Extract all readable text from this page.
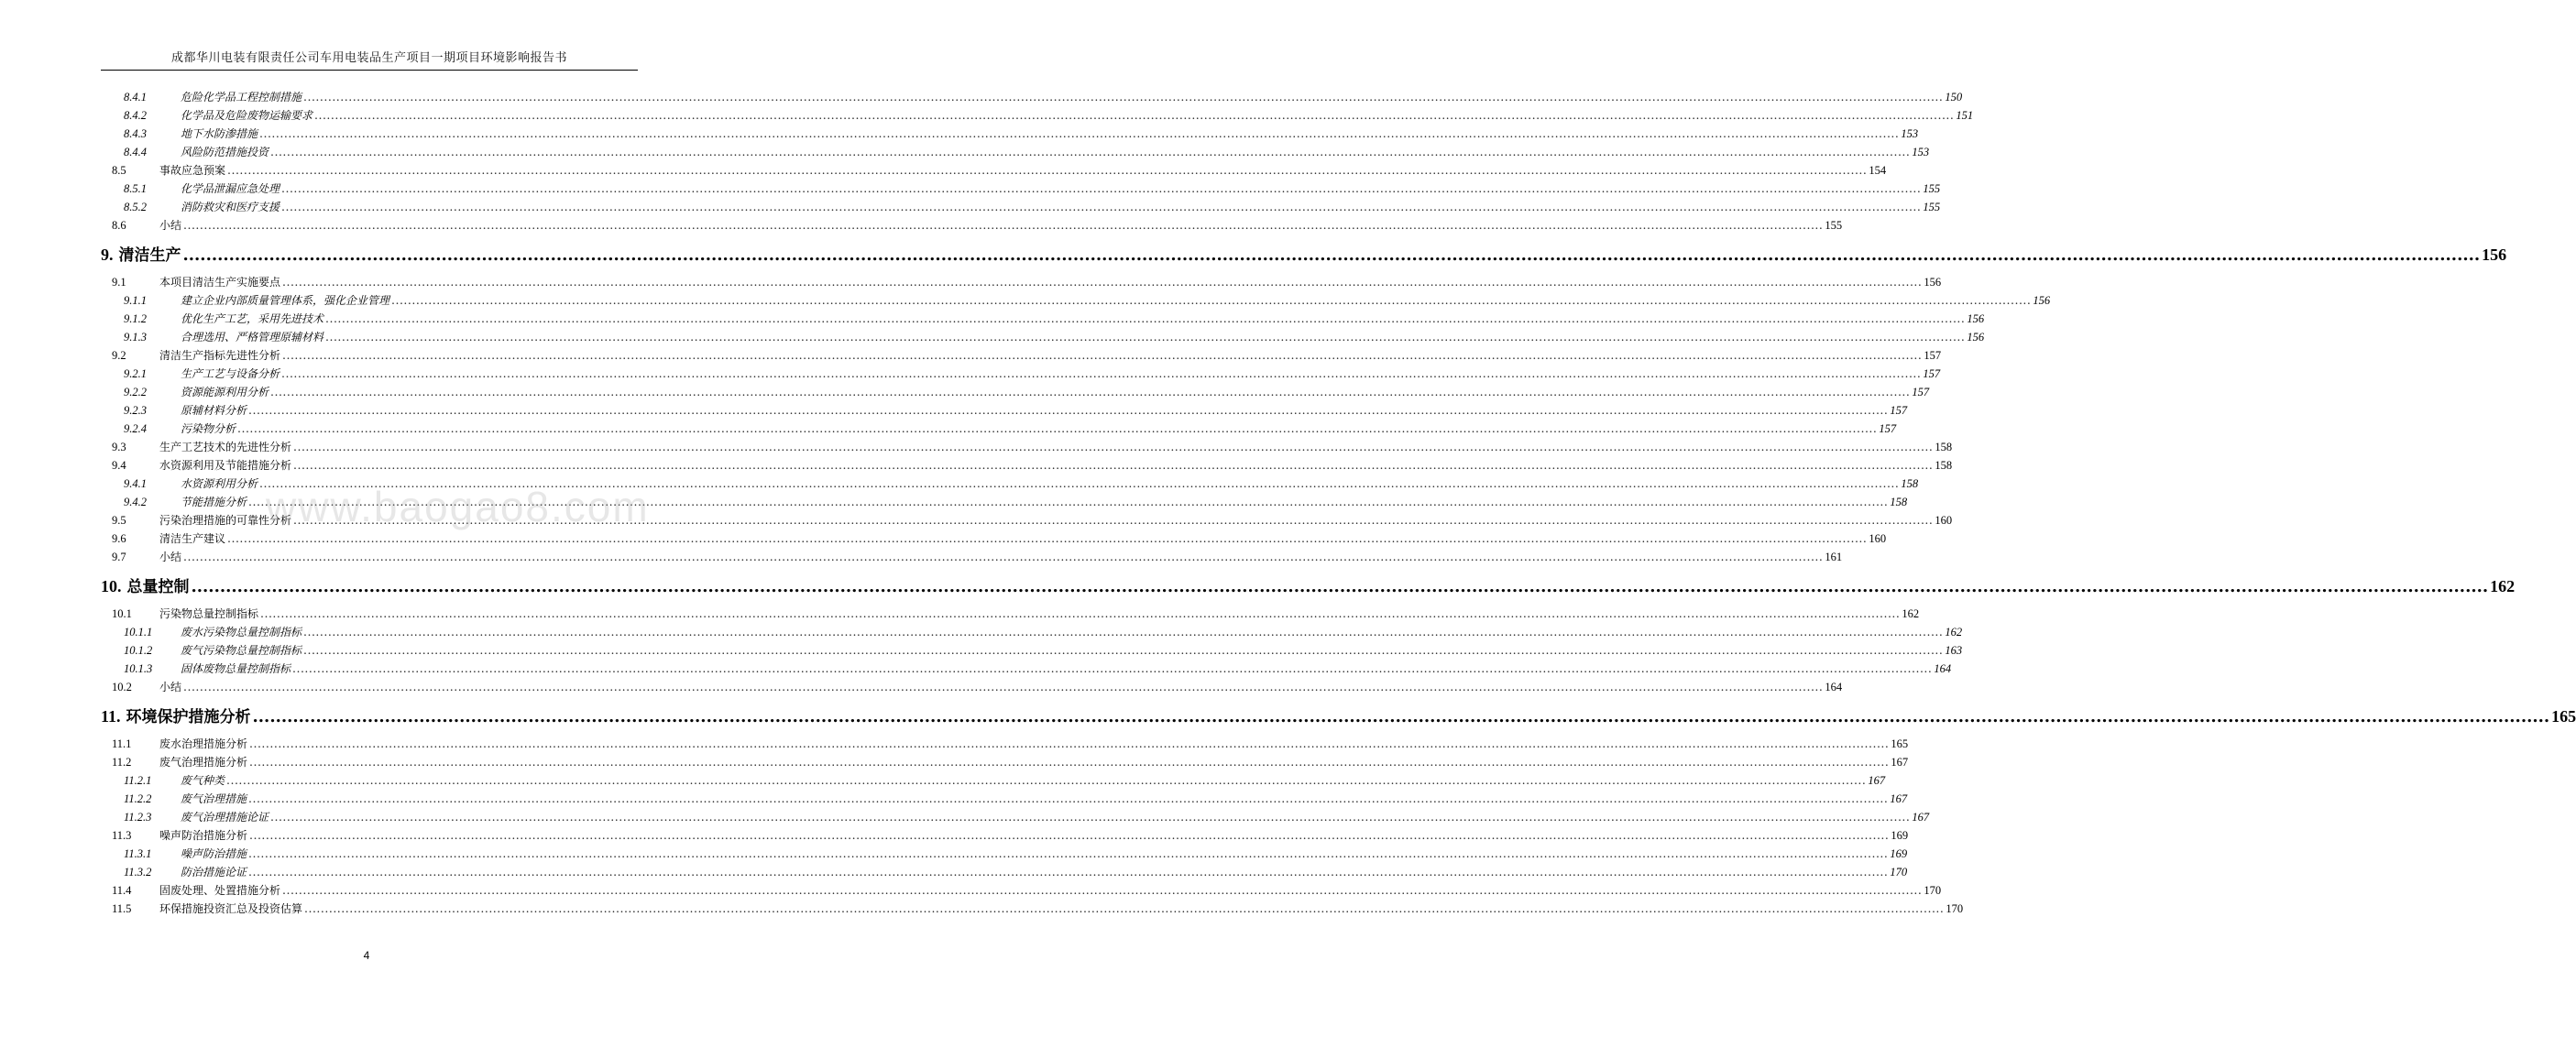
成都华川电装有限责任公司车用电装品生产项目一期项目环境影响报告书
8.4.1	危险化学品工程控制措施 ................................................................................................................................................................................................................................................................................................................................................................................................................ 150
8.4.2	化学品及危险废物运输要求 ................................................................................................................................................................................................................................................................................................................................................................................................................ 151
8.4.3	地下水防渗措施 ................................................................................................................................................................................................................................................................................................................................................................................................................ 153
8.4.4	风险防范措施投资 ................................................................................................................................................................................................................................................................................................................................................................................................................ 153
8.5	事故应急预案 ................................................................................................................................................................................................................................................................................................................................................................................................................ 154
8.5.1	化学品泄漏应急处理 ................................................................................................................................................................................................................................................................................................................................................................................................................ 155
8.5.2	消防救灾和医疗支援 ................................................................................................................................................................................................................................................................................................................................................................................................................ 155
8.6	小结 ................................................................................................................................................................................................................................................................................................................................................................................................................ 155
9. 清洁生产 ................................................................................................................................................................................................................................................................................................................................................................................................................ 156
9.1	本项目清洁生产实施要点 ................................................................................................................................................................................................................................................................................................................................................................................................................ 156
9.1.1	建立企业内部质量管理体系，强化企业管理 ................................................................................................................................................................................................................................................................................................................................................................................................................ 156
9.1.2	优化生产工艺，采用先进技术 ................................................................................................................................................................................................................................................................................................................................................................................................................ 156
9.1.3	合理选用、严格管理原辅材料 ................................................................................................................................................................................................................................................................................................................................................................................................................ 156
9.2	清洁生产指标先进性分析 ................................................................................................................................................................................................................................................................................................................................................................................................................ 157
9.2.1	生产工艺与设备分析 ................................................................................................................................................................................................................................................................................................................................................................................................................ 157
9.2.2	资源能源利用分析 ................................................................................................................................................................................................................................................................................................................................................................................................................ 157
9.2.3	原辅材料分析 ................................................................................................................................................................................................................................................................................................................................................................................................................ 157
9.2.4	污染物分析 ................................................................................................................................................................................................................................................................................................................................................................................................................ 157
9.3	生产工艺技术的先进性分析 ................................................................................................................................................................................................................................................................................................................................................................................................................ 158
9.4	水资源利用及节能措施分析 ................................................................................................................................................................................................................................................................................................................................................................................................................ 158
9.4.1	水资源利用分析 ................................................................................................................................................................................................................................................................................................................................................................................................................ 158
9.4.2	节能措施分析 ................................................................................................................................................................................................................................................................................................................................................................................................................ 158
9.5	污染治理措施的可靠性分析 ................................................................................................................................................................................................................................................................................................................................................................................................................ 160
9.6	清洁生产建议 ................................................................................................................................................................................................................................................................................................................................................................................................................ 160
9.7	小结 ................................................................................................................................................................................................................................................................................................................................................................................................................ 161
10. 总量控制 ................................................................................................................................................................................................................................................................................................................................................................................................................ 162
10.1	污染物总量控制指标 ................................................................................................................................................................................................................................................................................................................................................................................................................ 162
10.1.1	废水污染物总量控制指标 ................................................................................................................................................................................................................................................................................................................................................................................................................ 162
10.1.2	废气污染物总量控制指标 ................................................................................................................................................................................................................................................................................................................................................................................................................ 163
10.1.3	固体废物总量控制指标 ................................................................................................................................................................................................................................................................................................................................................................................................................ 164
10.2	小结 ................................................................................................................................................................................................................................................................................................................................................................................................................ 164
11. 环境保护措施分析 ................................................................................................................................................................................................................................................................................................................................................................................................................ 165
11.1	废水治理措施分析 ................................................................................................................................................................................................................................................................................................................................................................................................................ 165
11.2	废气治理措施分析 ................................................................................................................................................................................................................................................................................................................................................................................................................ 167
11.2.1	废气种类 ................................................................................................................................................................................................................................................................................................................................................................................................................ 167
11.2.2	废气治理措施 ................................................................................................................................................................................................................................................................................................................................................................................................................ 167
11.2.3	废气治理措施论证 ................................................................................................................................................................................................................................................................................................................................................................................................................ 167
11.3	噪声防治措施分析 ................................................................................................................................................................................................................................................................................................................................................................................................................ 169
11.3.1	噪声防治措施 ................................................................................................................................................................................................................................................................................................................................................................................................................ 169
11.3.2	防治措施论证 ................................................................................................................................................................................................................................................................................................................................................................................................................ 170
11.4	固废处理、处置措施分析 ................................................................................................................................................................................................................................................................................................................................................................................................................ 170
11.5	环保措施投资汇总及投资估算 ................................................................................................................................................................................................................................................................................................................................................................................................................ 170
www.baogao8.com
4
